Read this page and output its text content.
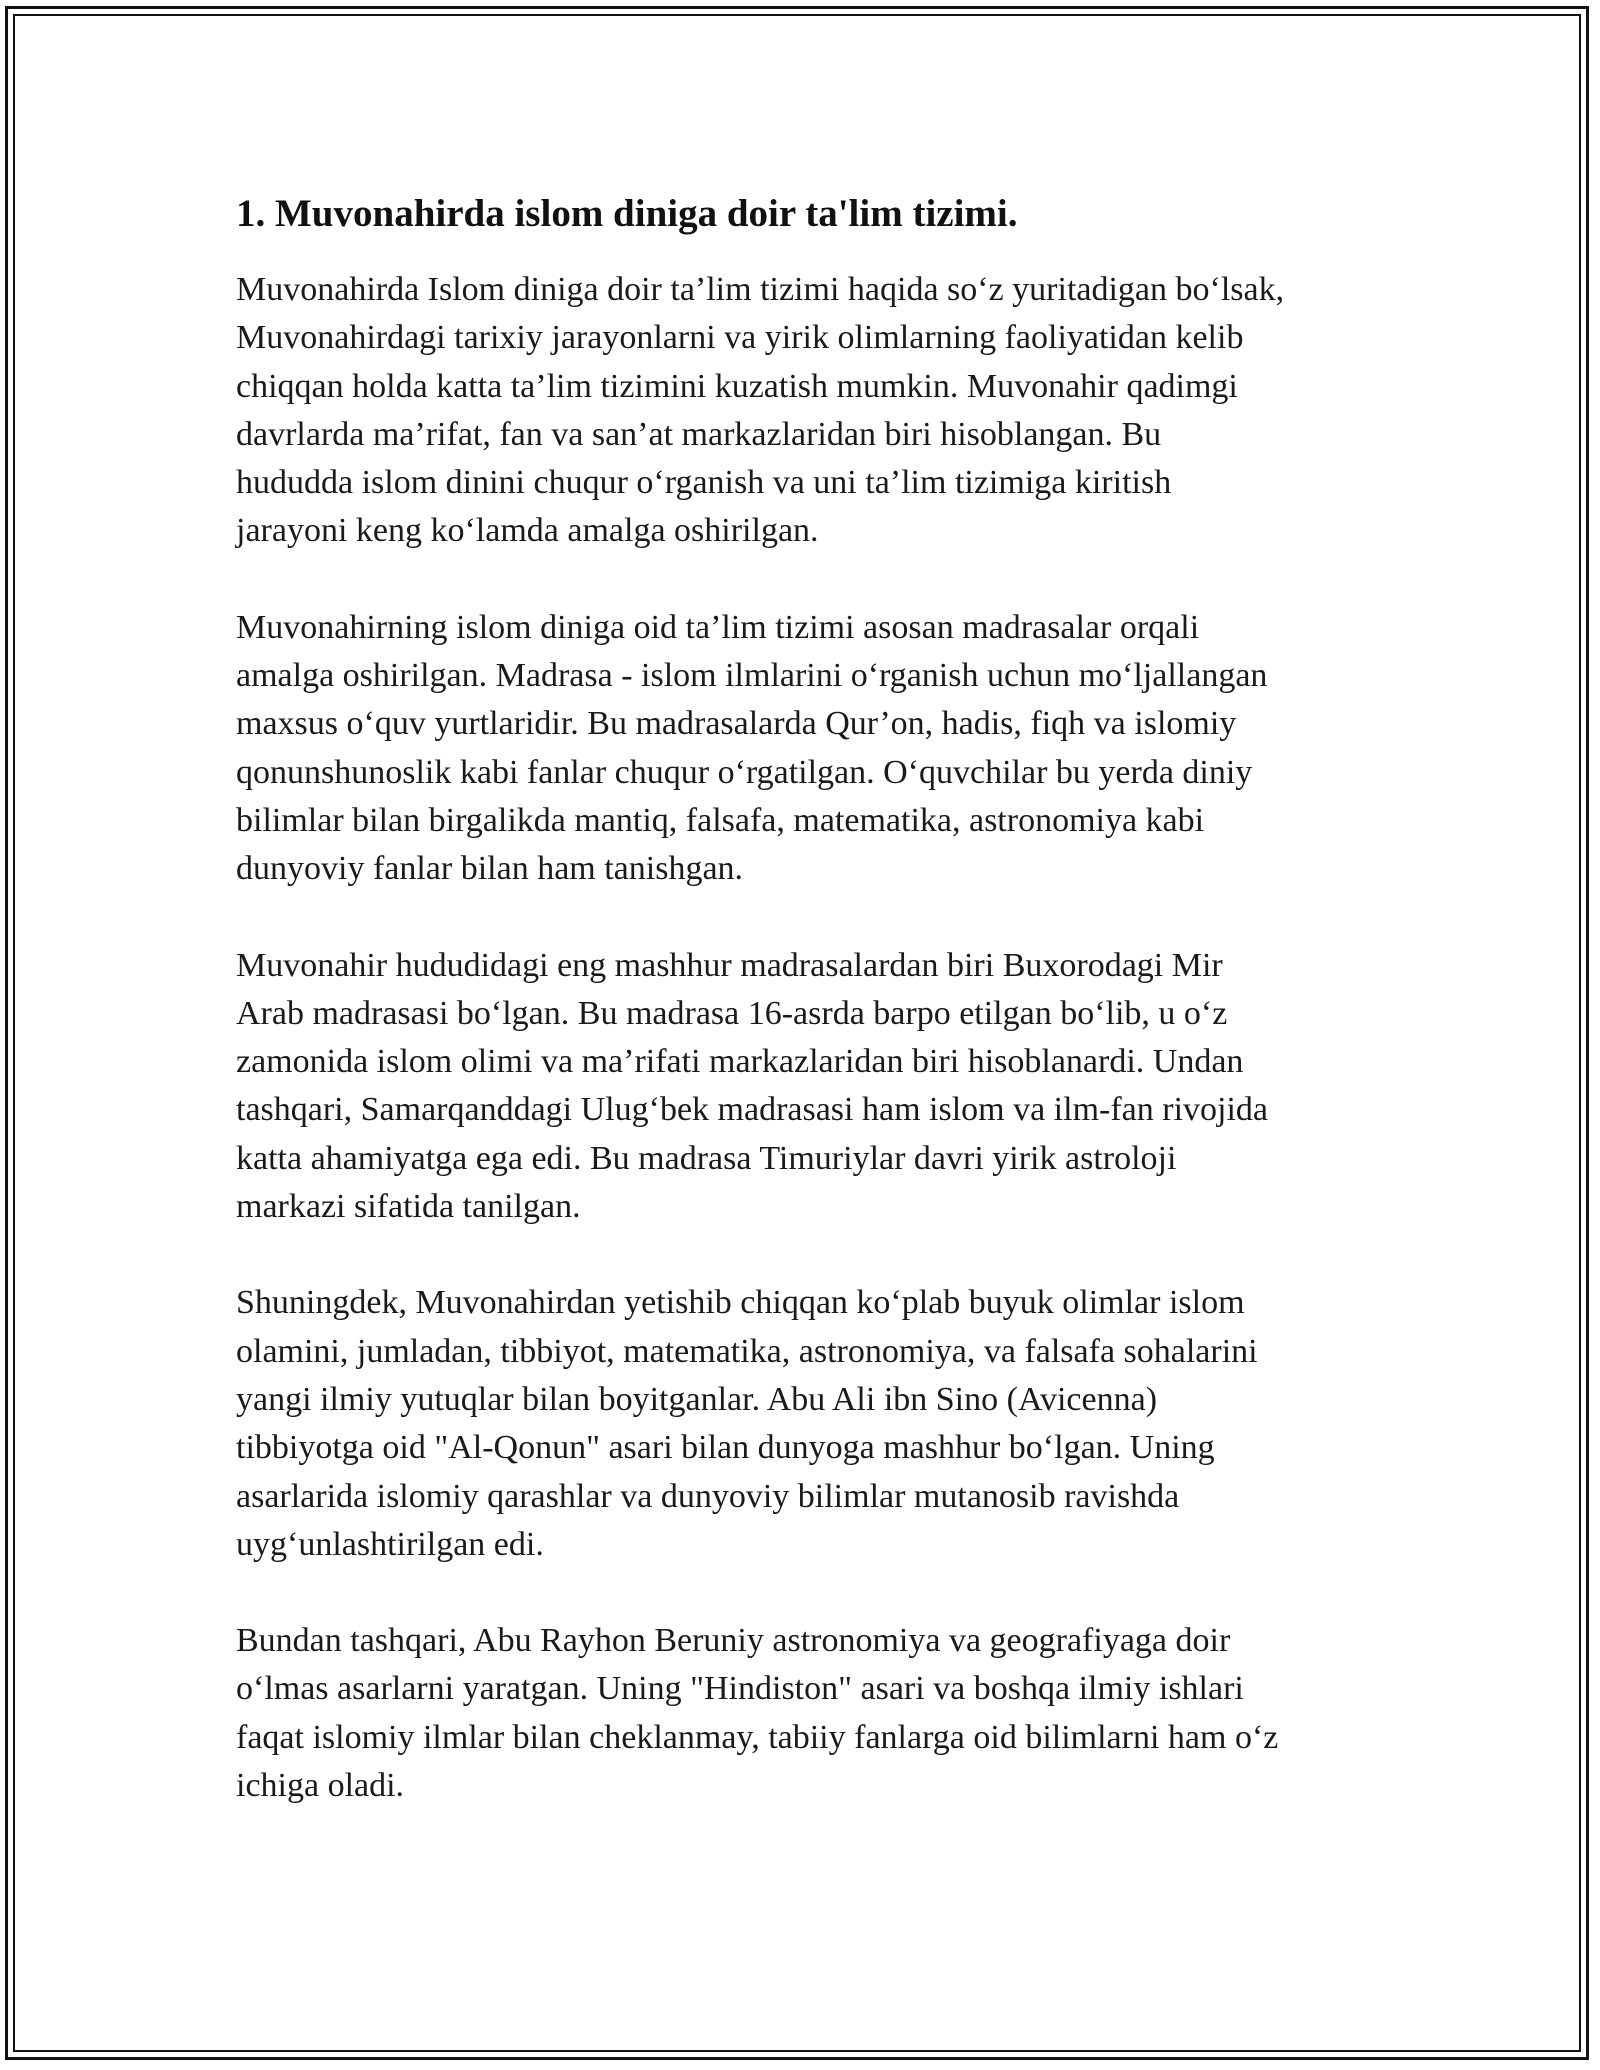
1. Muvonahirda islom diniga doir ta'lim tizimi.

Muvonahirda Islom diniga doir ta’lim tizimi haqida so‘z yuritadigan bo‘lsak,
Muvonahirdagi tarixiy jarayonlarni va yirik olimlarning faoliyatidan kelib
chiqqan holda katta ta’lim tizimini kuzatish mumkin. Muvonahir qadimgi
davrlarda ma’rifat, fan va san’at markazlaridan biri hisoblangan. Bu
hududda islom dinini chuqur o‘rganish va uni ta’lim tizimiga kiritish
jarayoni keng ko‘lamda amalga oshirilgan.

Muvonahirning islom diniga oid ta’lim tizimi asosan madrasalar orqali
amalga oshirilgan. Madrasa - islom ilmlarini o‘rganish uchun mo‘ljallangan
maxsus o‘quv yurtlaridir. Bu madrasalarda Qur’on, hadis, fiqh va islomiy
qonunshunoslik kabi fanlar chuqur o‘rgatilgan. O‘quvchilar bu yerda diniy
bilimlar bilan birgalikda mantiq, falsafa, matematika, astronomiya kabi
dunyoviy fanlar bilan ham tanishgan.

Muvonahir hududidagi eng mashhur madrasalardan biri Buxorodagi Mir
Arab madrasasi bo‘lgan. Bu madrasa 16-asrda barpo etilgan bo‘lib, u o‘z
zamonida islom olimi va ma’rifati markazlaridan biri hisoblanardi. Undan
tashqari, Samarqanddagi Ulug‘bek madrasasi ham islom va ilm-fan rivojida
katta ahamiyatga ega edi. Bu madrasa Timuriylar davri yirik astroloji
markazi sifatida tanilgan.

Shuningdek, Muvonahirdan yetishib chiqqan ko‘plab buyuk olimlar islom
olamini, jumladan, tibbiyot, matematika, astronomiya, va falsafa sohalarini
yangi ilmiy yutuqlar bilan boyitganlar. Abu Ali ibn Sino (Avicenna)
tibbiyotga oid "Al-Qonun" asari bilan dunyoga mashhur bo‘lgan. Uning
asarlarida islomiy qarashlar va dunyoviy bilimlar mutanosib ravishda
uyg‘unlashtirilgan edi.

Bundan tashqari, Abu Rayhon Beruniy astronomiya va geografiyaga doir
o‘lmas asarlarni yaratgan. Uning "Hindiston" asari va boshqa ilmiy ishlari
faqat islomiy ilmlar bilan cheklanmay, tabiiy fanlarga oid bilimlarni ham o‘z
ichiga oladi.
